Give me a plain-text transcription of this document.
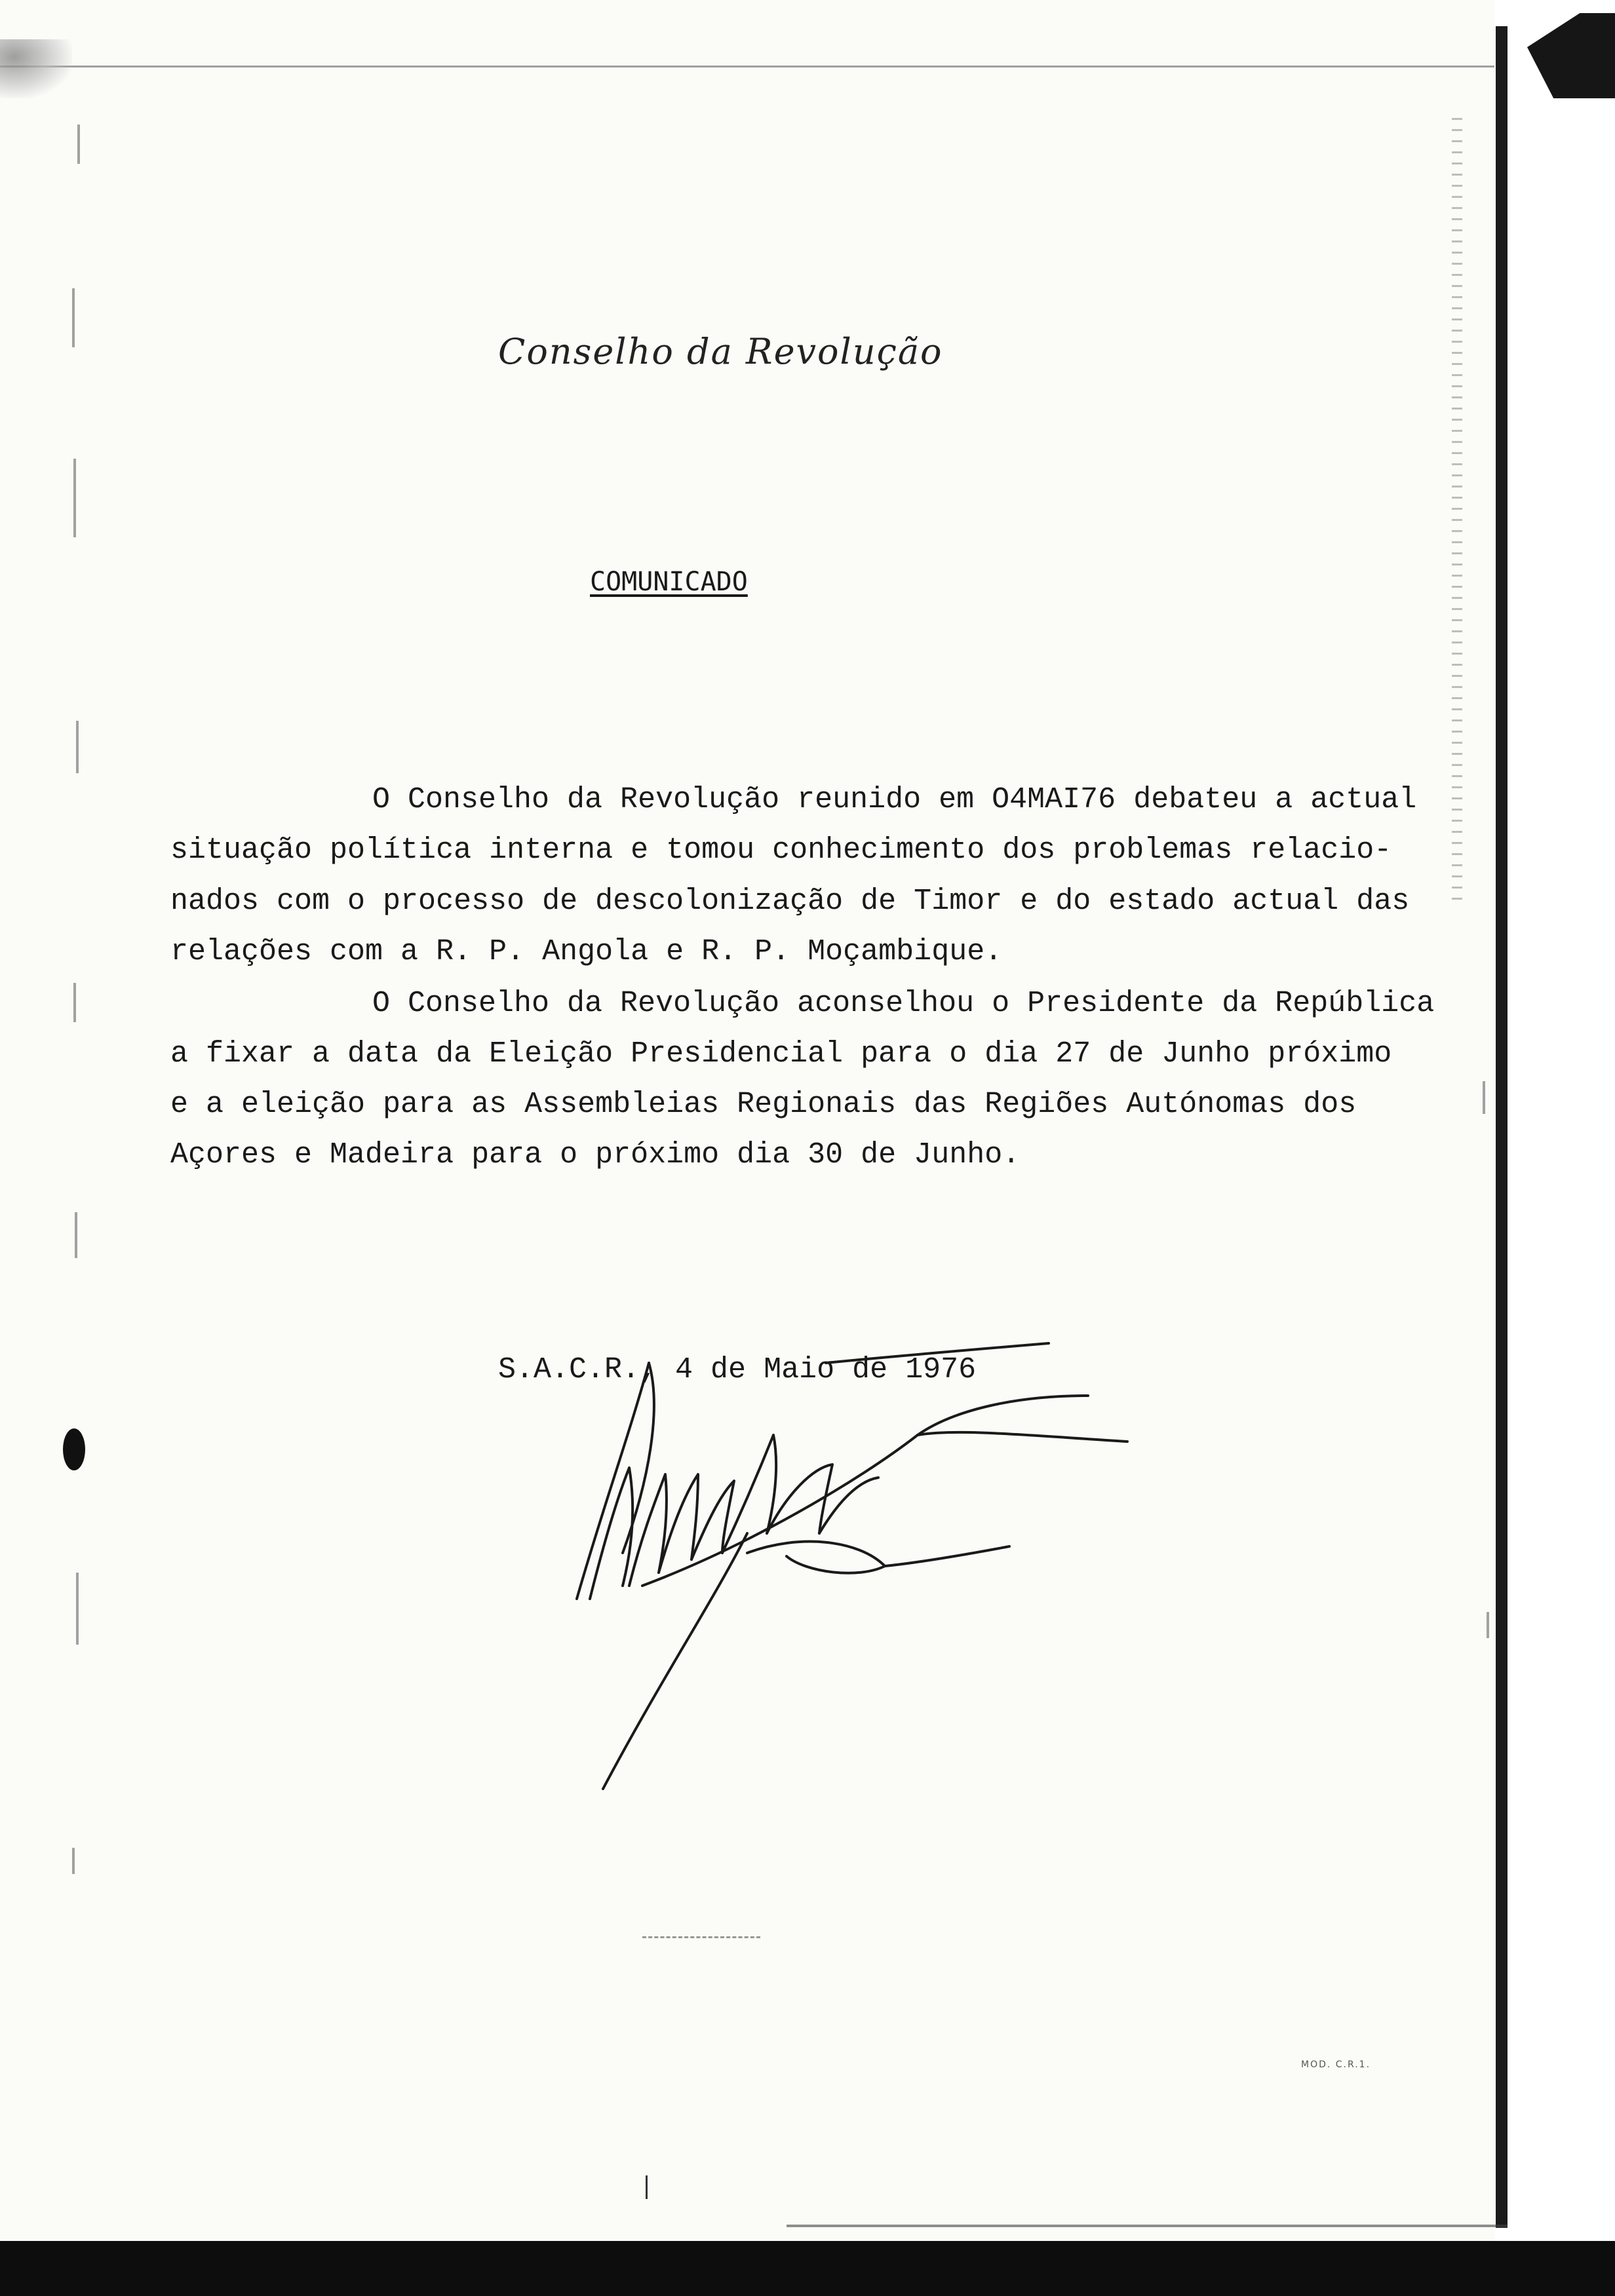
Conselho da Revolução
COMUNICADO
O Conselho da Revolução reunido em O4MAI76 debateu a actual
situação política interna e tomou conhecimento dos problemas relacio-
nados com o processo de descolonização de Timor e do estado actual das
relações com a R. P. Angola e R. P. Moçambique.
O Conselho da Revolução aconselhou o Presidente da República
a fixar a data da Eleição Presidencial para o dia 27 de Junho próximo
e a eleição para as Assembleias Regionais das Regiões Autónomas dos
Açores e Madeira para o próximo dia 30 de Junho.
S.A.C.R., 4 de Maio de 1976
MOD. C.R.1.
